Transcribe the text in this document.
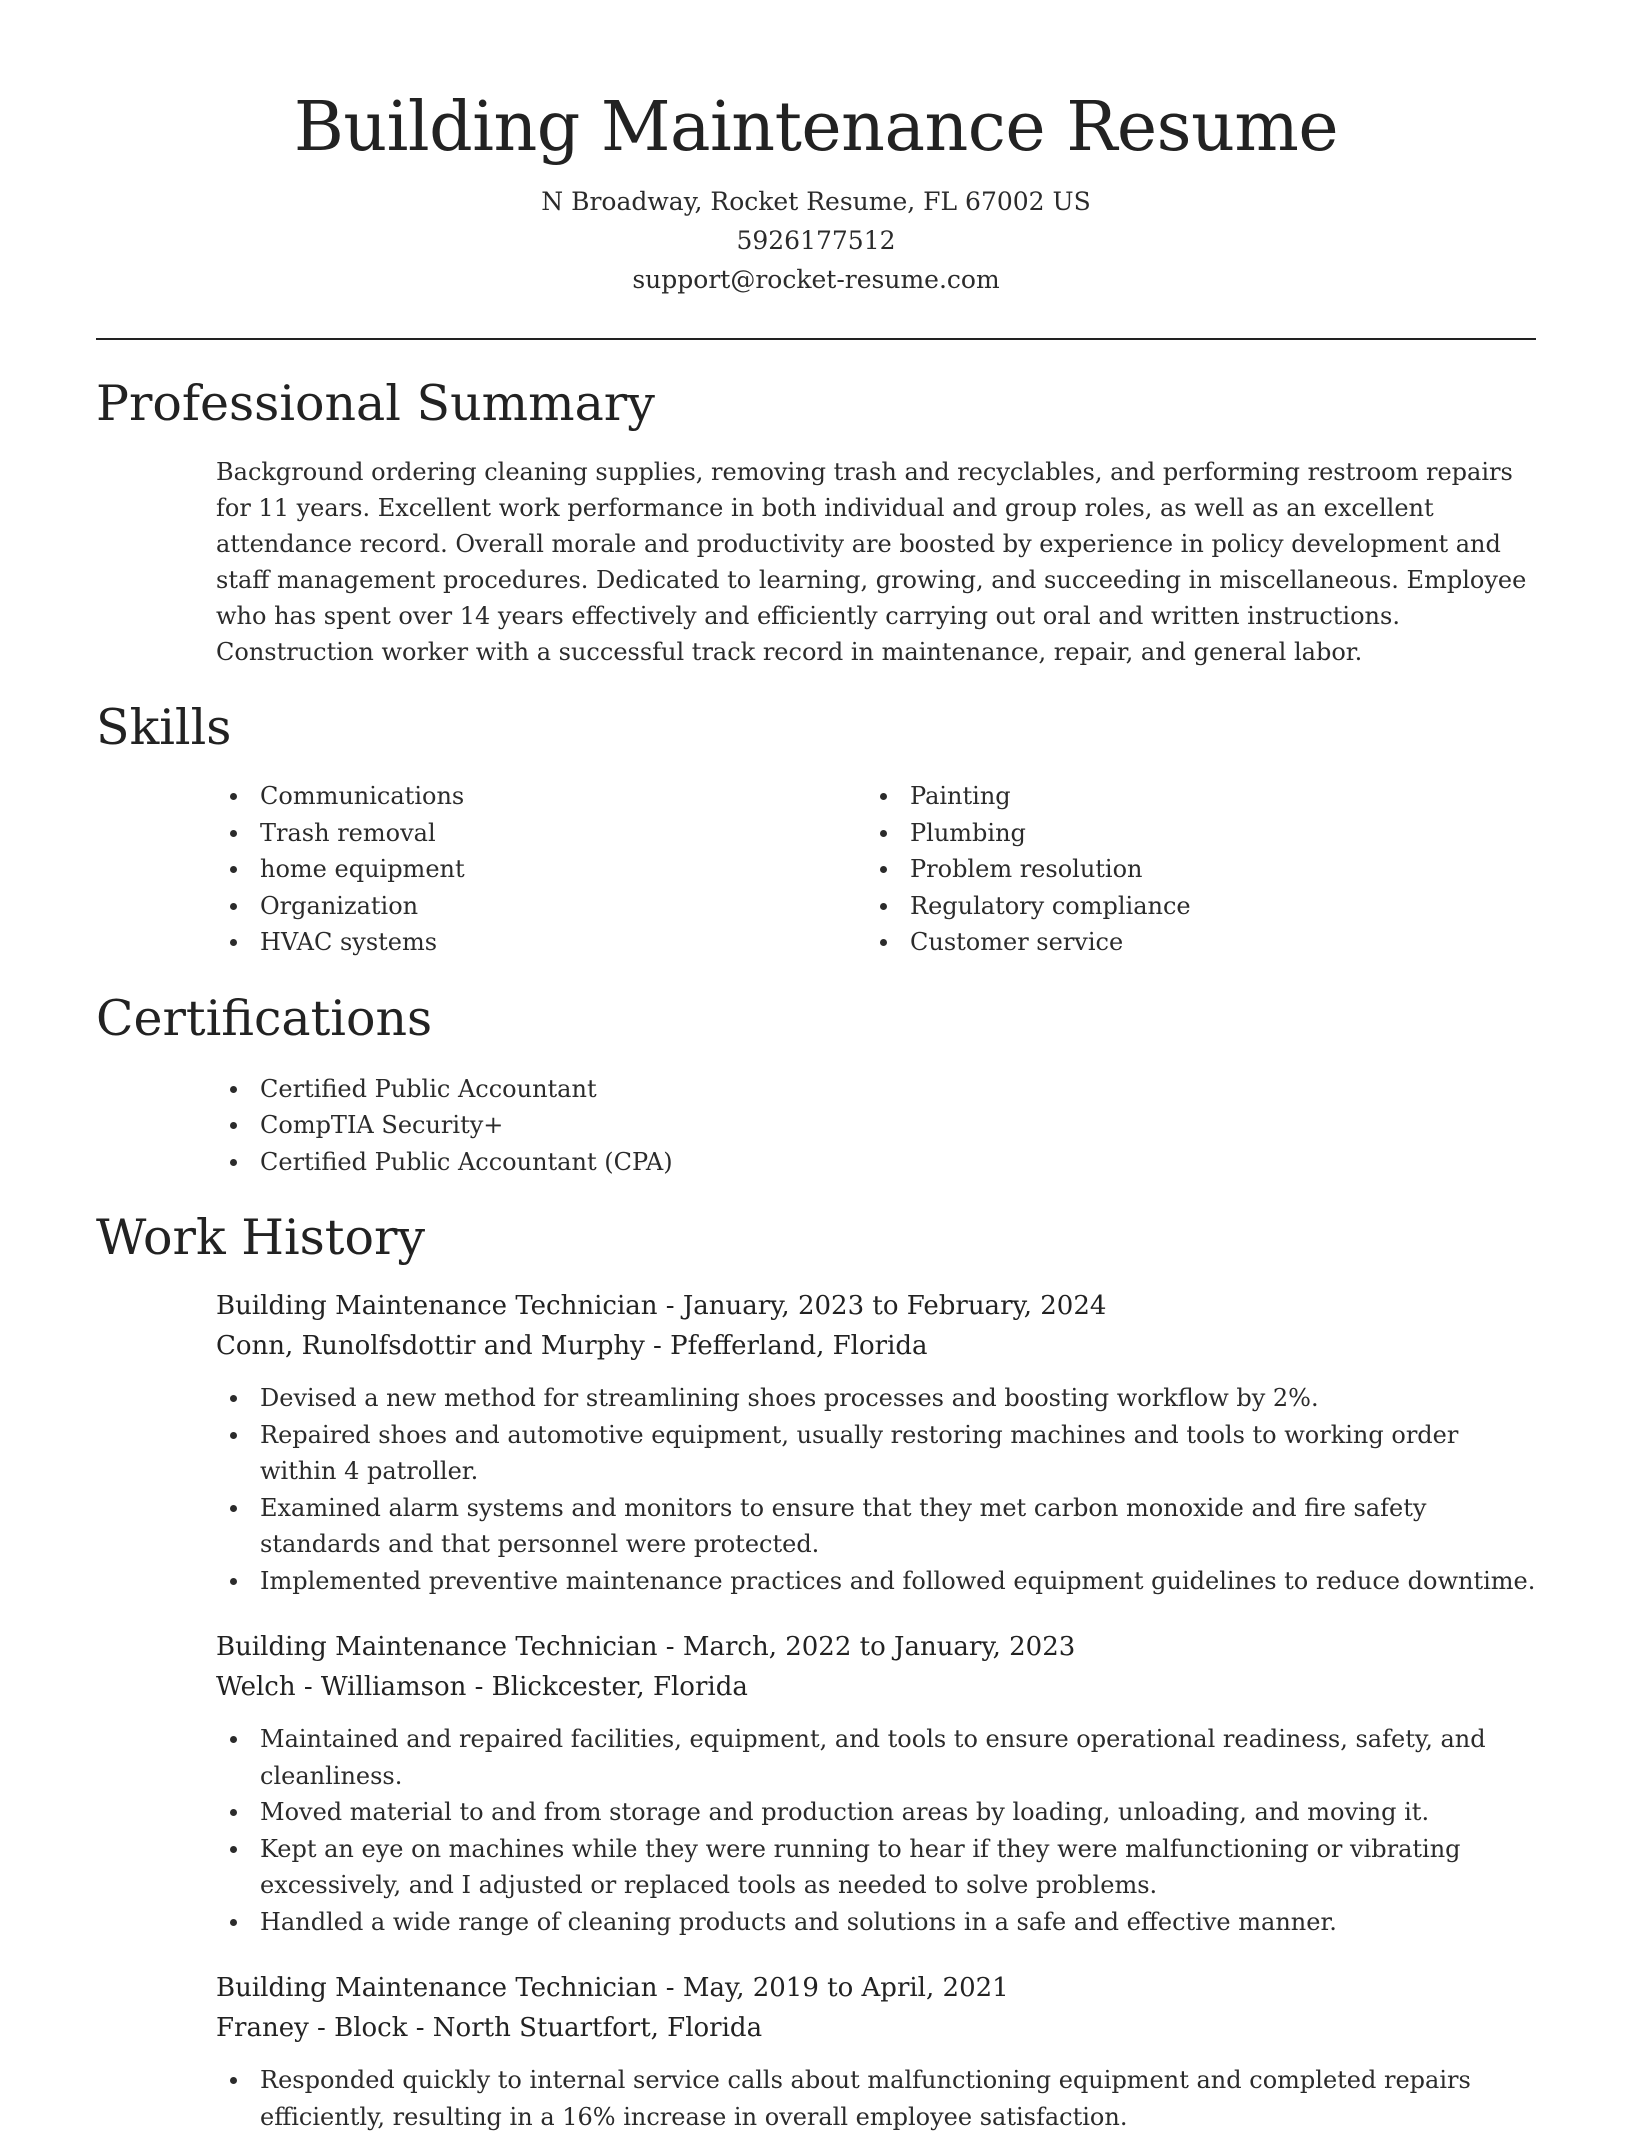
Building Maintenance Resume
N Broadway, Rocket Resume, FL 67002 US
5926177512
support@rocket-resume.com
Professional Summary
Background ordering cleaning supplies, removing trash and recyclables, and performing restroom repairs for 11 years. Excellent work performance in both individual and group roles, as well as an excellent attendance record. Overall morale and productivity are boosted by experience in policy development and staff management procedures. Dedicated to learning, growing, and succeeding in miscellaneous. Employee who has spent over 14 years effectively and efficiently carrying out oral and written instructions. Construction worker with a successful track record in maintenance, repair, and general labor.
Skills
Communications
Trash removal
home equipment
Organization
HVAC systems
Painting
Plumbing
Problem resolution
Regulatory compliance
Customer service
Certifications
Certified Public Accountant
CompTIA Security+
Certified Public Accountant (CPA)
Work History
Building Maintenance Technician - January, 2023 to February, 2024
Conn, Runolfsdottir and Murphy - Pfefferland, Florida
Devised a new method for streamlining shoes processes and boosting workflow by 2%.
Repaired shoes and automotive equipment, usually restoring machines and tools to working order within 4 patroller.
Examined alarm systems and monitors to ensure that they met carbon monoxide and fire safety standards and that personnel were protected.
Implemented preventive maintenance practices and followed equipment guidelines to reduce downtime.
Building Maintenance Technician - March, 2022 to January, 2023
Welch - Williamson - Blickcester, Florida
Maintained and repaired facilities, equipment, and tools to ensure operational readiness, safety, and cleanliness.
Moved material to and from storage and production areas by loading, unloading, and moving it.
Kept an eye on machines while they were running to hear if they were malfunctioning or vibrating excessively, and I adjusted or replaced tools as needed to solve problems.
Handled a wide range of cleaning products and solutions in a safe and effective manner.
Building Maintenance Technician - May, 2019 to April, 2021
Franey - Block - North Stuartfort, Florida
Responded quickly to internal service calls about malfunctioning equipment and completed repairs efficiently, resulting in a 16% increase in overall employee satisfaction.
